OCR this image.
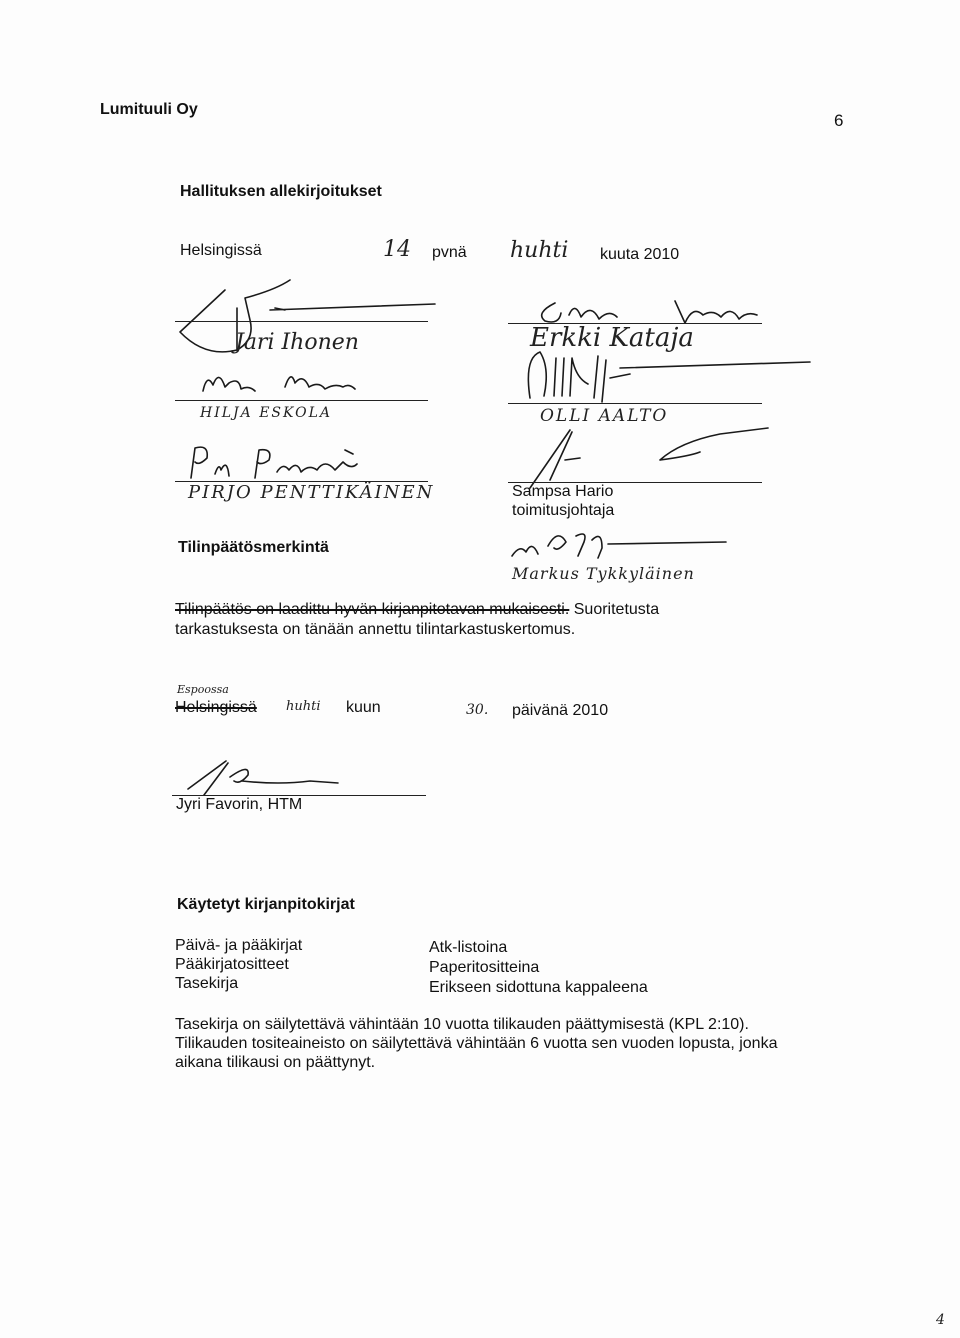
Lumituuli Oy
6
Hallituksen allekirjoitukset
Helsingissä	14 pvnä huhti kuuta 2010
Jari Ihonen
HILJA ESKOLA
PIRJO PENTTIKÄINEN
Tilinpäätösmerkintä
Erkki Kataja
OLLI AALTO
Sampsa Hario
toimitusjohtaja
Markus Tykkyläinen
Tilinpäätös on laadittu hyvän kirjanpitotavan mukaisesti. Suoritetusta
tarkastuksesta on tänään annettu tilintarkastuskertomus.
Espoossa
Helsingissä huhti kuun	30. päivänä 2010
Jyri Favorin, HTM
Käytetyt kirjanpitokirjat
Päivä- ja pääkirjat
Pääkirjatositteet
Tasekirja
Atk-listoina
Paperitositteina
Erikseen sidottuna kappaleena
Tasekirja on säilytettävä vähintään 10 vuotta tilikauden päättymisestä (KPL 2:10).
Tilikauden tositeaineisto on säilytettävä vähintään 6 vuotta sen vuoden lopusta, jonka
aikana tilikausi on päättynyt.
4
